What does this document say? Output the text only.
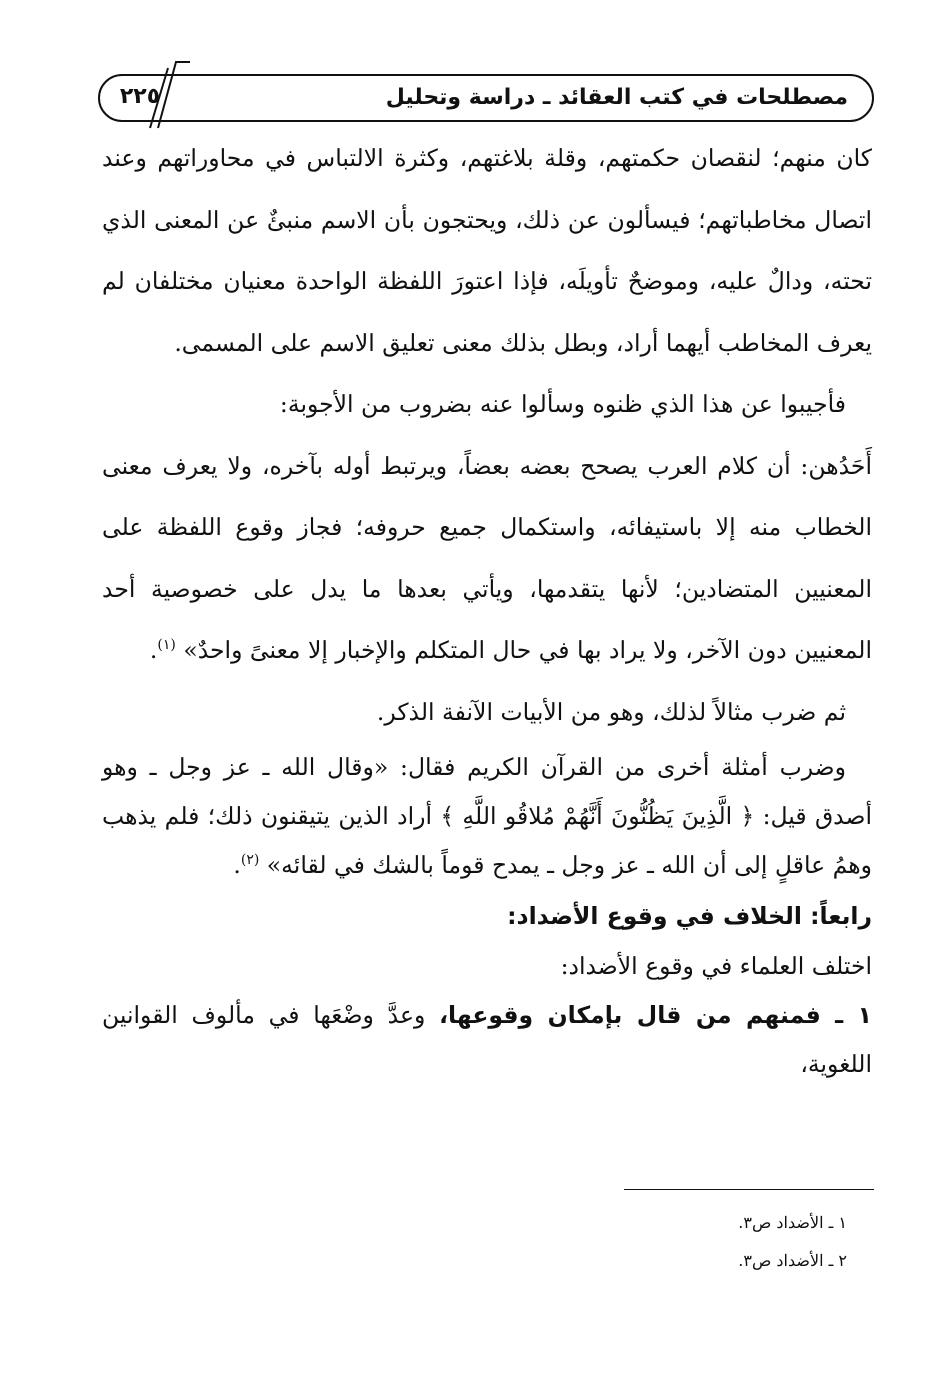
مصطلحات في كتب العقائد ـ دراسة وتحليل
٢٢٥

كان منهم؛ لنقصان حكمتهم، وقلة بلاغتهم، وكثرة الالتباس في محاوراتهم وعند اتصال مخاطباتهم؛ فيسألون عن ذلك، ويحتجون بأن الاسم منبئٌ عن المعنى الذي تحته، ودالٌ عليه، وموضحٌ تأويلَه، فإذا اعتورَ اللفظة الواحدة معنيان مختلفان لم يعرف المخاطب أيهما أراد، وبطل بذلك معنى تعليق الاسم على المسمى.

فأجيبوا عن هذا الذي ظنوه وسألوا عنه بضروب من الأجوبة:

أَحَدُهن: أن كلام العرب يصحح بعضه بعضاً، ويرتبط أوله بآخره، ولا يعرف معنى الخطاب منه إلا باستيفائه، واستكمال جميع حروفه؛ فجاز وقوع اللفظة على المعنيين المتضادين؛ لأنها يتقدمها، ويأتي بعدها ما يدل على خصوصية أحد المعنيين دون الآخر، ولا يراد بها في حال المتكلم والإخبار إلا معنىً واحدٌ» $^{(١)}$.

ثم ضرب مثالاً لذلك، وهو من الأبيات الآنفة الذكر.

وضرب أمثلة أخرى من القرآن الكريم فقال: «وقال الله ـ عز وجل ـ وهو أصدق قيل: ﴿ الَّذِينَ يَظُنُّونَ أَنَّهُمْ مُلاقُو اللَّهِ ﴾ أراد الذين يتيقنون ذلك؛ فلم يذهب وهمُ عاقلٍ إلى أن الله ـ عز وجل ـ يمدح قوماً بالشك في لقائه» $^{(٢)}$.

رابعاً: الخلاف في وقوع الأضداد:

اختلف العلماء في وقوع الأضداد:

١ ـ فمنهم من قال بإمكان وقوعها، وعدَّ وضْعَها في مألوف القوانين اللغوية،

١ ـ الأضداد ص٣.

٢ ـ الأضداد ص٣.
